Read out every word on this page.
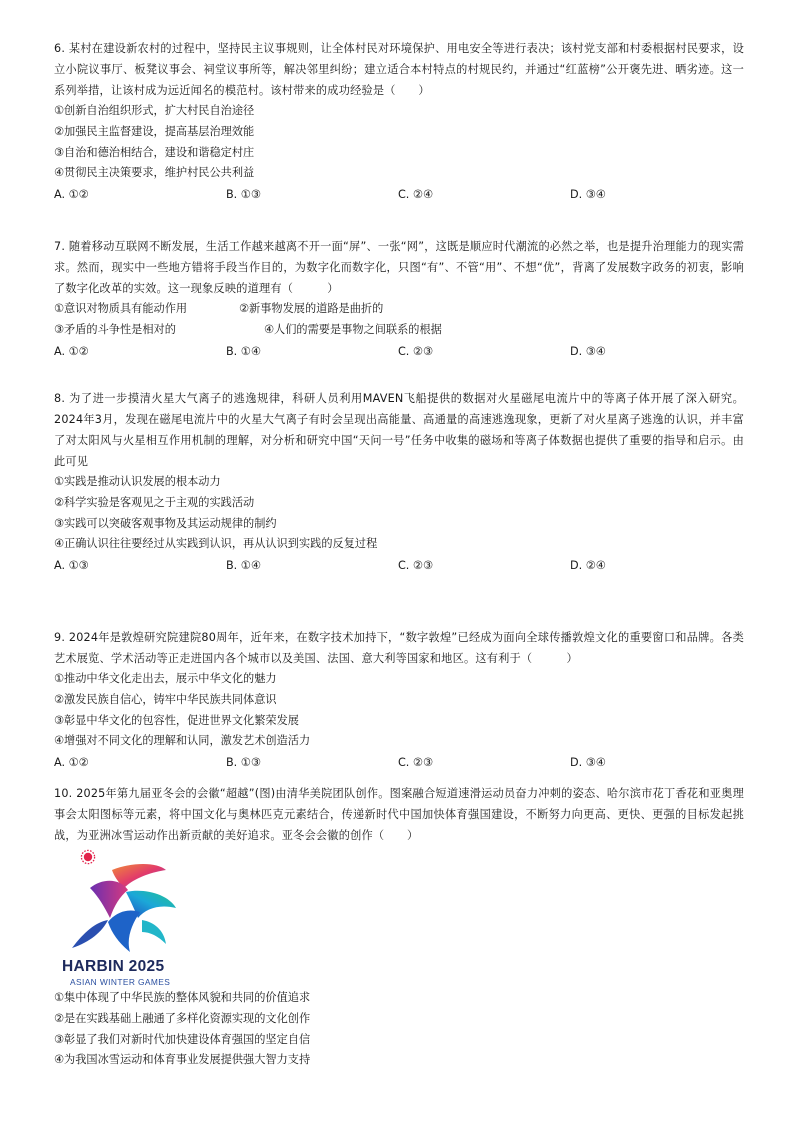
6. 某村在建设新农村的过程中，坚持民主议事规则，让全体村民对环境保护、用电安全等进行表决；该村党支部和村委根据村民要求，设立小院议事厅、板凳议事会、祠堂议事所等，解决邻里纠纷；建立适合本村特点的村规民约，并通过“红蓝榜”公开褒先进、晒劣迹。这一系列举措，让该村成为远近闻名的模范村。该村带来的成功经验是（　　）

①创新自治组织形式，扩大村民自治途径

②加强民主监督建设，提高基层治理效能

③自治和德治相结合，建设和谐稳定村庄

④贯彻民主决策要求，维护村民公共利益

A. ①②	B. ①③	C. ②④	D. ③④

7. 随着移动互联网不断发展，生活工作越来越离不开一面“屏”、一张“网”，这既是顺应时代潮流的必然之举，也是提升治理能力的现实需求。然而，现实中一些地方错将手段当作目的，为数字化而数字化，只图“有”、不管“用”、不想“优”，背离了发展数字政务的初衷，影响了数字化改革的实效。这一现象反映的道理有（　　　）

①意识对物质具有能动作用	②新事物发展的道路是曲折的
③矛盾的斗争性是相对的	④人们的需要是事物之间联系的根据
A. ①②	B. ①④	C. ②③	D. ③④

8. 为了进一步摸清火星大气离子的逃逸规律，科研人员利用MAVEN飞船提供的数据对火星磁尾电流片中的等离子体开展了深入研究。2024年3月，发现在磁尾电流片中的火星大气离子有时会呈现出高能量、高通量的高速逃逸现象，更新了对火星离子逃逸的认识，并丰富了对太阳风与火星相互作用机制的理解，对分析和研究中国“天问一号”任务中收集的磁场和等离子体数据也提供了重要的指导和启示。由此可见

①实践是推动认识发展的根本动力

②科学实验是客观见之于主观的实践活动

③实践可以突破客观事物及其运动规律的制约

④正确认识往往要经过从实践到认识，再从认识到实践的反复过程

A. ①③	B. ①④	C. ②③	D. ②④

9. 2024年是敦煌研究院建院80周年，近年来，在数字技术加持下，“数字敦煌”已经成为面向全球传播敦煌文化的重要窗口和品牌。各类艺术展览、学术活动等正走进国内各个城市以及美国、法国、意大利等国家和地区。这有利于（　　　）

①推动中华文化走出去，展示中华文化的魅力

②激发民族自信心，铸牢中华民族共同体意识

③彰显中华文化的包容性，促进世界文化繁荣发展

④增强对不同文化的理解和认同，激发艺术创造活力

A. ①②	B. ①③	C. ②③	D. ③④

10. 2025年第九届亚冬会的会徽“超越”(图)由清华美院团队创作。图案融合短道速滑运动员奋力冲刺的姿态、哈尔滨市花丁香花和亚奥理事会太阳图标等元素，将中国文化与奥林匹克元素结合，传递新时代中国加快体育强国建设，不断努力向更高、更快、更强的目标发起挑战，为亚洲冰雪运动作出新贡献的美好追求。亚冬会会徽的创作（　　）

HARBIN 2025
ASIAN WINTER GAMES

①集中体现了中华民族的整体风貌和共同的价值追求

②是在实践基础上融通了多样化资源实现的文化创作

③彰显了我们对新时代加快建设体育强国的坚定自信

④为我国冰雪运动和体育事业发展提供强大智力支持
